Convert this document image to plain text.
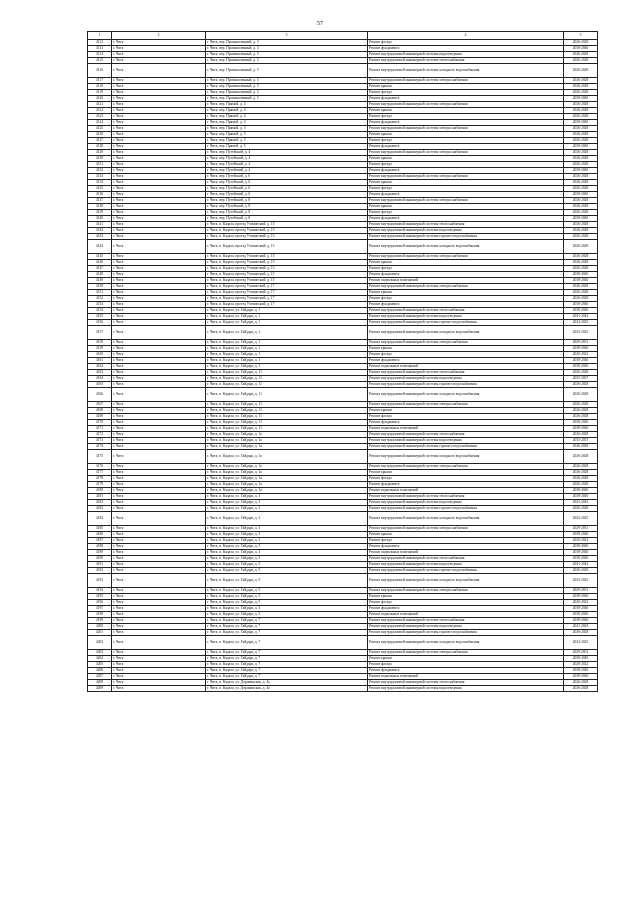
57
1	2	3	4	5
4112	г. Чита	г. Чита, пер. Промышленный, д. 3	Ремонт фасада	2026-2028
4113	г. Чита	г. Чита, пер. Промышленный, д. 3	Ремонт фундамента	2038-2040
4114	г. Чита	г. Чита, пер. Промышленный, д. 5	Ремонт внутридомовой инженерной системы водоотведения	2026-2028
4115	г. Чита	г. Чита, пер. Промышленный, д. 5	Ремонт внутридомовой инженерной системы теплоснабжения	2026-2028
4116	г. Чита	г. Чита, пер. Промышленный, д. 5	Ремонт внутридомовой инженерной системы холодного водоснабжения	2026-2028
4117	г. Чита	г. Чита, пер. Промышленный, д. 5	Ремонт внутридомовой инженерной системы электроснабжения	2026-2028
4118	г. Чита	г. Чита, пер. Промышленный, д. 5	Ремонт крыши	2026-2028
4119	г. Чита	г. Чита, пер. Промышленный, д. 5	Ремонт фасада	2026-2028
4120	г. Чита	г. Чита, пер. Промышленный, д. 5	Ремонт фундамента	2038-2040
4121	г. Чита	г. Чита, пер. Прямой, д. 4	Ремонт внутридомовой инженерной системы электроснабжения	2026-2028
4122	г. Чита	г. Чита, пер. Прямой, д. 4	Ремонт крыши	2026-2028
4123	г. Чита	г. Чита, пер. Прямой, д. 4	Ремонт фасада	2026-2028
4124	г. Чита	г. Чита, пер. Прямой, д. 4	Ремонт фундамента	2038-2040
4125	г. Чита	г. Чита, пер. Прямой, д. 5	Ремонт внутридомовой инженерной системы электроснабжения	2026-2028
4126	г. Чита	г. Чита, пер. Прямой, д. 5	Ремонт крыши	2026-2028
4127	г. Чита	г. Чита, пер. Прямой, д. 5	Ремонт фасада	2026-2028
4128	г. Чита	г. Чита, пер. Прямой, д. 5	Ремонт фундамента	2038-2040
4129	г. Чита	г. Чита, пер. Путейский, д. 4	Ремонт внутридомовой инженерной системы электроснабжения	2026-2028
4130	г. Чита	г. Чита, пер. Путейский, д. 4	Ремонт крыши	2026-2028
4131	г. Чита	г. Чита, пер. Путейский, д. 4	Ремонт фасада	2026-2028
4132	г. Чита	г. Чита, пер. Путейский, д. 4	Ремонт фундамента	2038-2040
4133	г. Чита	г. Чита, пер. Путейский, д. 6	Ремонт внутридомовой инженерной системы электроснабжения	2026-2028
4134	г. Чита	г. Чита, пер. Путейский, д. 6	Ремонт крыши	2026-2028
4135	г. Чита	г. Чита, пер. Путейский, д. 6	Ремонт фасада	2026-2028
4136	г. Чита	г. Чита, пер. Путейский, д. 6	Ремонт фундамента	2038-2040
4137	г. Чита	г. Чита, пер. Путейский, д. 8	Ремонт внутридомовой инженерной системы электроснабжения	2026-2028
4138	г. Чита	г. Чита, пер. Путейский, д. 8	Ремонт крыши	2026-2028
4139	г. Чита	г. Чита, пер. Путейский, д. 8	Ремонт фасада	2026-2028
4140	г. Чита	г. Чита, пер. Путейский, д. 8	Ремонт фундамента	2038-2040
4141	г. Чита	г. Чита, п. Кадала, проезд Учениеский, д. 15	Ремонт внутридомовой инженерной системы теплоснабжения	2026-2028
4142	г. Чита	г. Чита, п. Кадала, проезд Учениеский, д. 15	Ремонт внутридомовой инженерной системы водоотведения	2026-2028
4143	г. Чита	г. Чита, п. Кадала, проезд Учениеский, д. 15	Ремонт внутридомовой инженерной системы горячего водоснабжения	2026-2028
4144	г. Чита	г. Чита, п. Кадала, проезд Учениеский, д. 15	Ремонт внутридомовой инженерной системы холодного водоснабжения	2026-2028
4145	г. Чита	г. Чита, п. Кадала, проезд Учениеский, д. 15	Ремонт внутридомовой инженерной системы электроснабжения	2026-2028
4146	г. Чита	г. Чита, п. Кадала, проезд Учениеский, д. 15	Ремонт крыши	2026-2028
4147	г. Чита	г. Чита, п. Кадала, проезд Учениеский, д. 15	Ремонт фасада	2026-2028
4148	г. Чита	г. Чита, п. Кадала, проезд Учениеский, д. 15	Ремонт фундамента	2038-2040
4149	г. Чита	г. Чита, п. Кадала, проезд Учениеский, д. 15	Ремонт подвальных помещений	2038-2040
4150	г. Чита	г. Чита, п. Кадала, проезд Учениеский, д. 17	Ремонт внутридомовой инженерной системы электроснабжения	2026-2028
4151	г. Чита	г. Чита, п. Кадала, проезд Учениеский, д. 17	Ремонт крыши	2026-2028
4152	г. Чита	г. Чита, п. Кадала, проезд Учениеский, д. 17	Ремонт фасада	2026-2028
4153	г. Чита	г. Чита, п. Кадала, проезд Учениеский, д. 17	Ремонт фундамента	2038-2040
4154	г. Чита	г. Чита, п. Кадала, ул. Гайдара, д. 1	Ремонт внутридомовой инженерной системы теплоснабжения	2038-2040
4155	г. Чита	г. Чита, п. Кадала, ул. Гайдара, д. 1	Ремонт внутридомовой инженерной системы водоотведения	2041-2043
4156	г. Чита	г. Чита, п. Кадала, ул. Гайдара, д. 1	Ремонт внутридомовой инженерной системы горячего водоснабжения	2023-2025
4157	г. Чита	г. Чита, п. Кадала, ул. Гайдара, д. 1	Ремонт внутридомовой инженерной системы холодного водоснабжения	2023-2025
4158	г. Чита	г. Чита, п. Кадала, ул. Гайдара, д. 1	Ремонт внутридомовой инженерной системы электроснабжения	2029-2031
4159	г. Чита	г. Чита, п. Кадала, ул. Гайдара, д. 1	Ремонт крыши	2038-2040
4160	г. Чита	г. Чита, п. Кадала, ул. Гайдара, д. 1	Ремонт фасада	2020-2022
4161	г. Чита	г. Чита, п. Кадала, ул. Гайдара, д. 1	Ремонт фундамента	2038-2040
4162	г. Чита	г. Чита, п. Кадала, ул. Гайдара, д. 1	Ремонт подвальных помещений	2038-2040
4163	г. Чита	г. Чита, п. Кадала, ул. Гайдара, д. 11	Ремонт внутридомовой инженерной системы теплоснабжения	2026-2028
4164	г. Чита	г. Чита, п. Кадала, ул. Гайдара, д. 11	Ремонт внутридомовой инженерной системы водоотведения	2035-2037
4165	г. Чита	г. Чита, п. Кадала, ул. Гайдара, д. 11	Ремонт внутридомовой инженерной системы горячего водоснабжения	2026-2028
4166	г. Чита	г. Чита, п. Кадала, ул. Гайдара, д. 11	Ремонт внутридомовой инженерной системы холодного водоснабжения	2026-2028
4167	г. Чита	г. Чита, п. Кадала, ул. Гайдара, д. 11	Ремонт внутридомовой инженерной системы электроснабжения	2026-2028
4168	г. Чита	г. Чита, п. Кадала, ул. Гайдара, д. 11	Ремонт крыши	2026-2028
4169	г. Чита	г. Чита, п. Кадала, ул. Гайдара, д. 11	Ремонт фасада	2026-2028
4170	г. Чита	г. Чита, п. Кадала, ул. Гайдара, д. 11	Ремонт фундамента	2038-2040
4171	г. Чита	г. Чита, п. Кадала, ул. Гайдара, д. 11	Ремонт подвальных помещений	2038-2040
4172	г. Чита	г. Чита, п. Кадала, ул. Гайдара, д. 1а	Ремонт внутридомовой инженерной системы теплоснабжения	2026-2028
4173	г. Чита	г. Чита, п. Кадала, ул. Гайдара, д. 1а	Ремонт внутридомовой инженерной системы водоотведения	2035-2037
4174	г. Чита	г. Чита, п. Кадала, ул. Гайдара, д. 1а	Ремонт внутридомовой инженерной системы горячего водоснабжения	2026-2028
4175	г. Чита	г. Чита, п. Кадала, ул. Гайдара, д. 1а	Ремонт внутридомовой инженерной системы холодного водоснабжения	2026-2028
4176	г. Чита	г. Чита, п. Кадала, ул. Гайдара, д. 1а	Ремонт внутридомовой инженерной системы электроснабжения	2026-2028
4177	г. Чита	г. Чита, п. Кадала, ул. Гайдара, д. 1а	Ремонт крыши	2026-2028
4178	г. Чита	г. Чита, п. Кадала, ул. Гайдара, д. 1а	Ремонт фасада	2026-2028
4179	г. Чита	г. Чита, п. Кадала, ул. Гайдара, д. 1а	Ремонт фундамента	2026-2028
4180	г. Чита	г. Чита, п. Кадала, ул. Гайдара, д. 1а	Ремонт подвальных помещений	2038-2040
4181	г. Чита	г. Чита, п. Кадала, ул. Гайдара, д. 3	Ремонт внутридомовой инженерной системы теплоснабжения	2038-2040
4182	г. Чита	г. Чита, п. Кадала, ул. Гайдара, д. 3	Ремонт внутридомовой инженерной системы водоотведения	2041-2043
4183	г. Чита	г. Чита, п. Кадала, ул. Гайдара, д. 3	Ремонт внутридомовой инженерной системы горячего водоснабжения	2026-2028
4184	г. Чита	г. Чита, п. Кадала, ул. Гайдара, д. 3	Ремонт внутридомовой инженерной системы холодного водоснабжения	2023-2025
4185	г. Чита	г. Чита, п. Кадала, ул. Гайдара, д. 3	Ремонт внутридомовой инженерной системы электроснабжения	2029-2031
4186	г. Чита	г. Чита, п. Кадала, ул. Гайдара, д. 3	Ремонт крыши	2038-2040
4187	г. Чита	г. Чита, п. Кадала, ул. Гайдара, д. 3	Ремонт фасада	2020-2022
4188	г. Чита	г. Чита, п. Кадала, ул. Гайдара, д. 3	Ремонт фундамента	2038-2040
4189	г. Чита	г. Чита, п. Кадала, ул. Гайдара, д. 3	Ремонт подвальных помещений	2038-2040
4190	г. Чита	г. Чита, п. Кадала, ул. Гайдара, д. 5	Ремонт внутридомовой инженерной системы теплоснабжения	2038-2040
4191	г. Чита	г. Чита, п. Кадала, ул. Гайдара, д. 5	Ремонт внутридомовой инженерной системы водоотведения	2041-2043
4192	г. Чита	г. Чита, п. Кадала, ул. Гайдара, д. 5	Ремонт внутридомовой инженерной системы горячего водоснабжения	2026-2028
4193	г. Чита	г. Чита, п. Кадала, ул. Гайдара, д. 5	Ремонт внутридомовой инженерной системы холодного водоснабжения	2023-2025
4194	г. Чита	г. Чита, п. Кадала, ул. Гайдара, д. 5	Ремонт внутридомовой инженерной системы электроснабжения	2029-2031
4195	г. Чита	г. Чита, п. Кадала, ул. Гайдара, д. 5	Ремонт крыши	2038-2040
4196	г. Чита	г. Чита, п. Кадала, ул. Гайдара, д. 5	Ремонт фасада	2020-2022
4197	г. Чита	г. Чита, п. Кадала, ул. Гайдара, д. 5	Ремонт фундамента	2038-2040
4198	г. Чита	г. Чита, п. Кадала, ул. Гайдара, д. 5	Ремонт подвальных помещений	2038-2040
4199	г. Чита	г. Чита, п. Кадала, ул. Гайдара, д. 7	Ремонт внутридомовой инженерной системы теплоснабжения	2038-2040
4200	г. Чита	г. Чита, п. Кадала, ул. Гайдара, д. 7	Ремонт внутридомовой инженерной системы водоотведения	2041-2043
4201	г. Чита	г. Чита, п. Кадала, ул. Гайдара, д. 7	Ремонт внутридомовой инженерной системы горячего водоснабжения	2026-2028
4202	г. Чита	г. Чита, п. Кадала, ул. Гайдара, д. 7	Ремонт внутридомовой инженерной системы холодного водоснабжения	2023-2025
4203	г. Чита	г. Чита, п. Кадала, ул. Гайдара, д. 7	Ремонт внутридомовой инженерной системы электроснабжения	2029-2031
4204	г. Чита	г. Чита, п. Кадала, ул. Гайдара, д. 7	Ремонт крыши	2038-2040
4205	г. Чита	г. Чита, п. Кадала, ул. Гайдара, д. 7	Ремонт фасада	2020-2022
4206	г. Чита	г. Чита, п. Кадала, ул. Гайдара, д. 7	Ремонт фундамента	2038-2040
4207	г. Чита	г. Чита, п. Кадала, ул. Гайдара, д. 7	Ремонт подвальных помещений	2038-2040
4208	г. Чита	г. Чита, п. Кадала, ул. Доронинская, д. 4а	Ремонт внутридомовой инженерной системы теплоснабжения	2026-2028
4209	г. Чита	г. Чита, п. Кадала, ул. Доронинская, д. 4а	Ремонт внутридомовой инженерной системы водоотведения	2026-2028
